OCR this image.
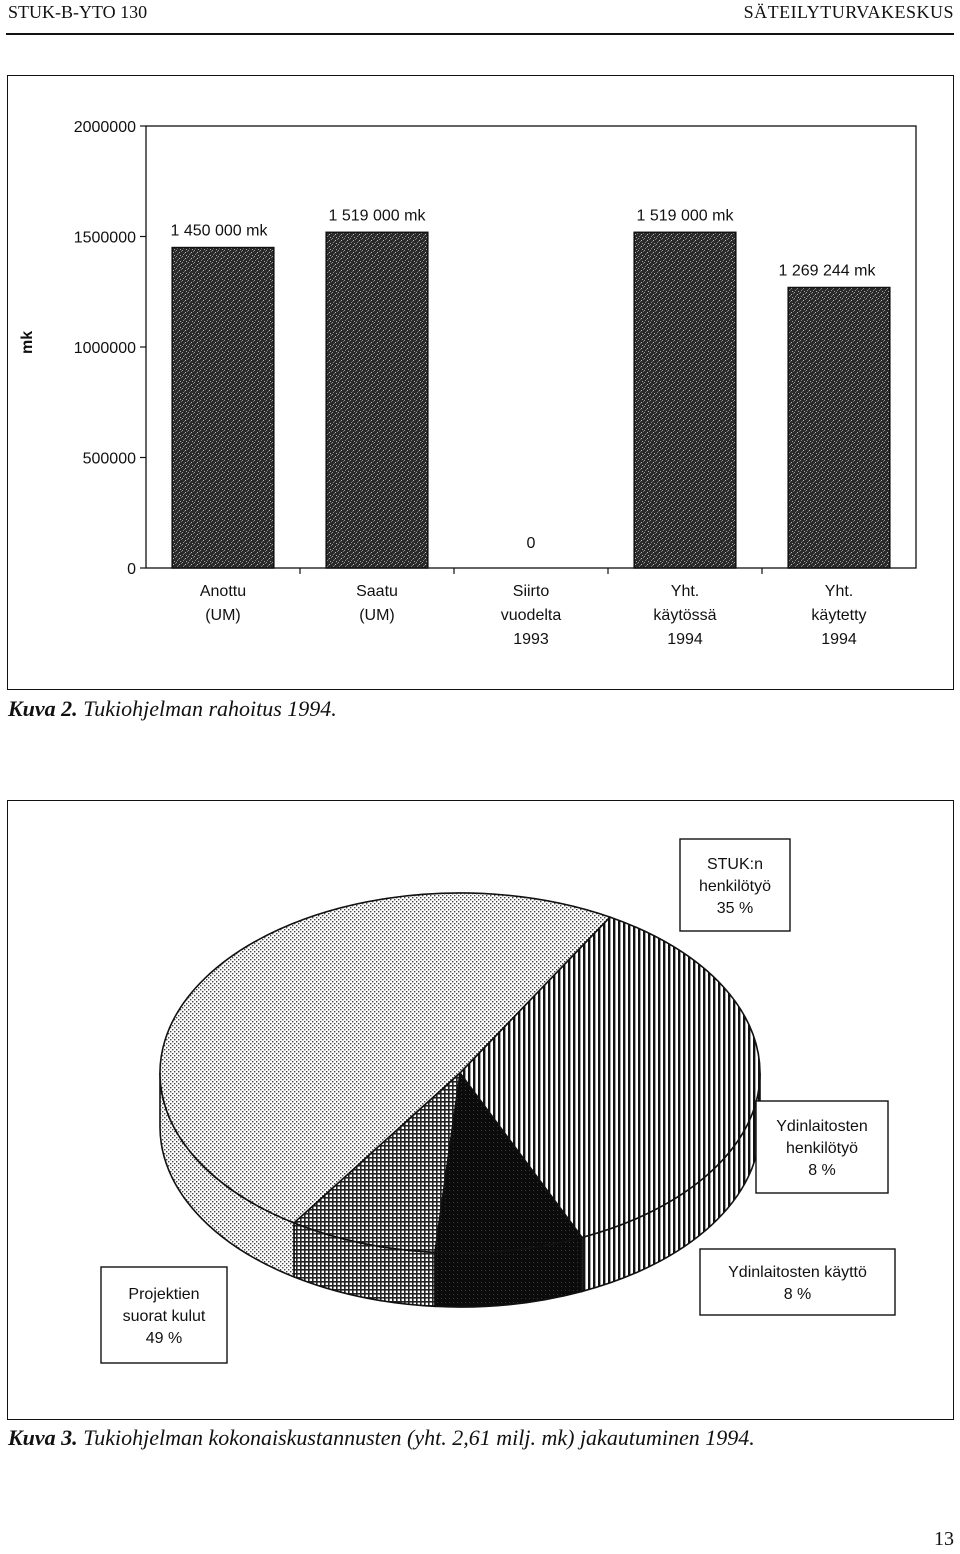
STUK-B-YTO 130	SÄTEILYTURVAKESKUS
mk
2000000
1500000
1000000
500000
0
1 450 000 mk
1 519 000 mk
0
1 519 000 mk
1 269 244 mk
Anottu
(UM)
Saatu
(UM)
Siirto
vuodelta
1993
Yht.
käytössä
1994
Yht.
käytetty
1994
Kuva 2. Tukiohjelman rahoitus 1994.
STUK:n
henkilötyö
35 %
Ydinlaitosten
henkilötyö
8 %
Ydinlaitosten käyttö
8 %
Projektien
suorat kulut
49 %
Kuva 3. Tukiohjelman kokonaiskustannusten (yht. 2,61 milj. mk) jakautuminen 1994.
13
